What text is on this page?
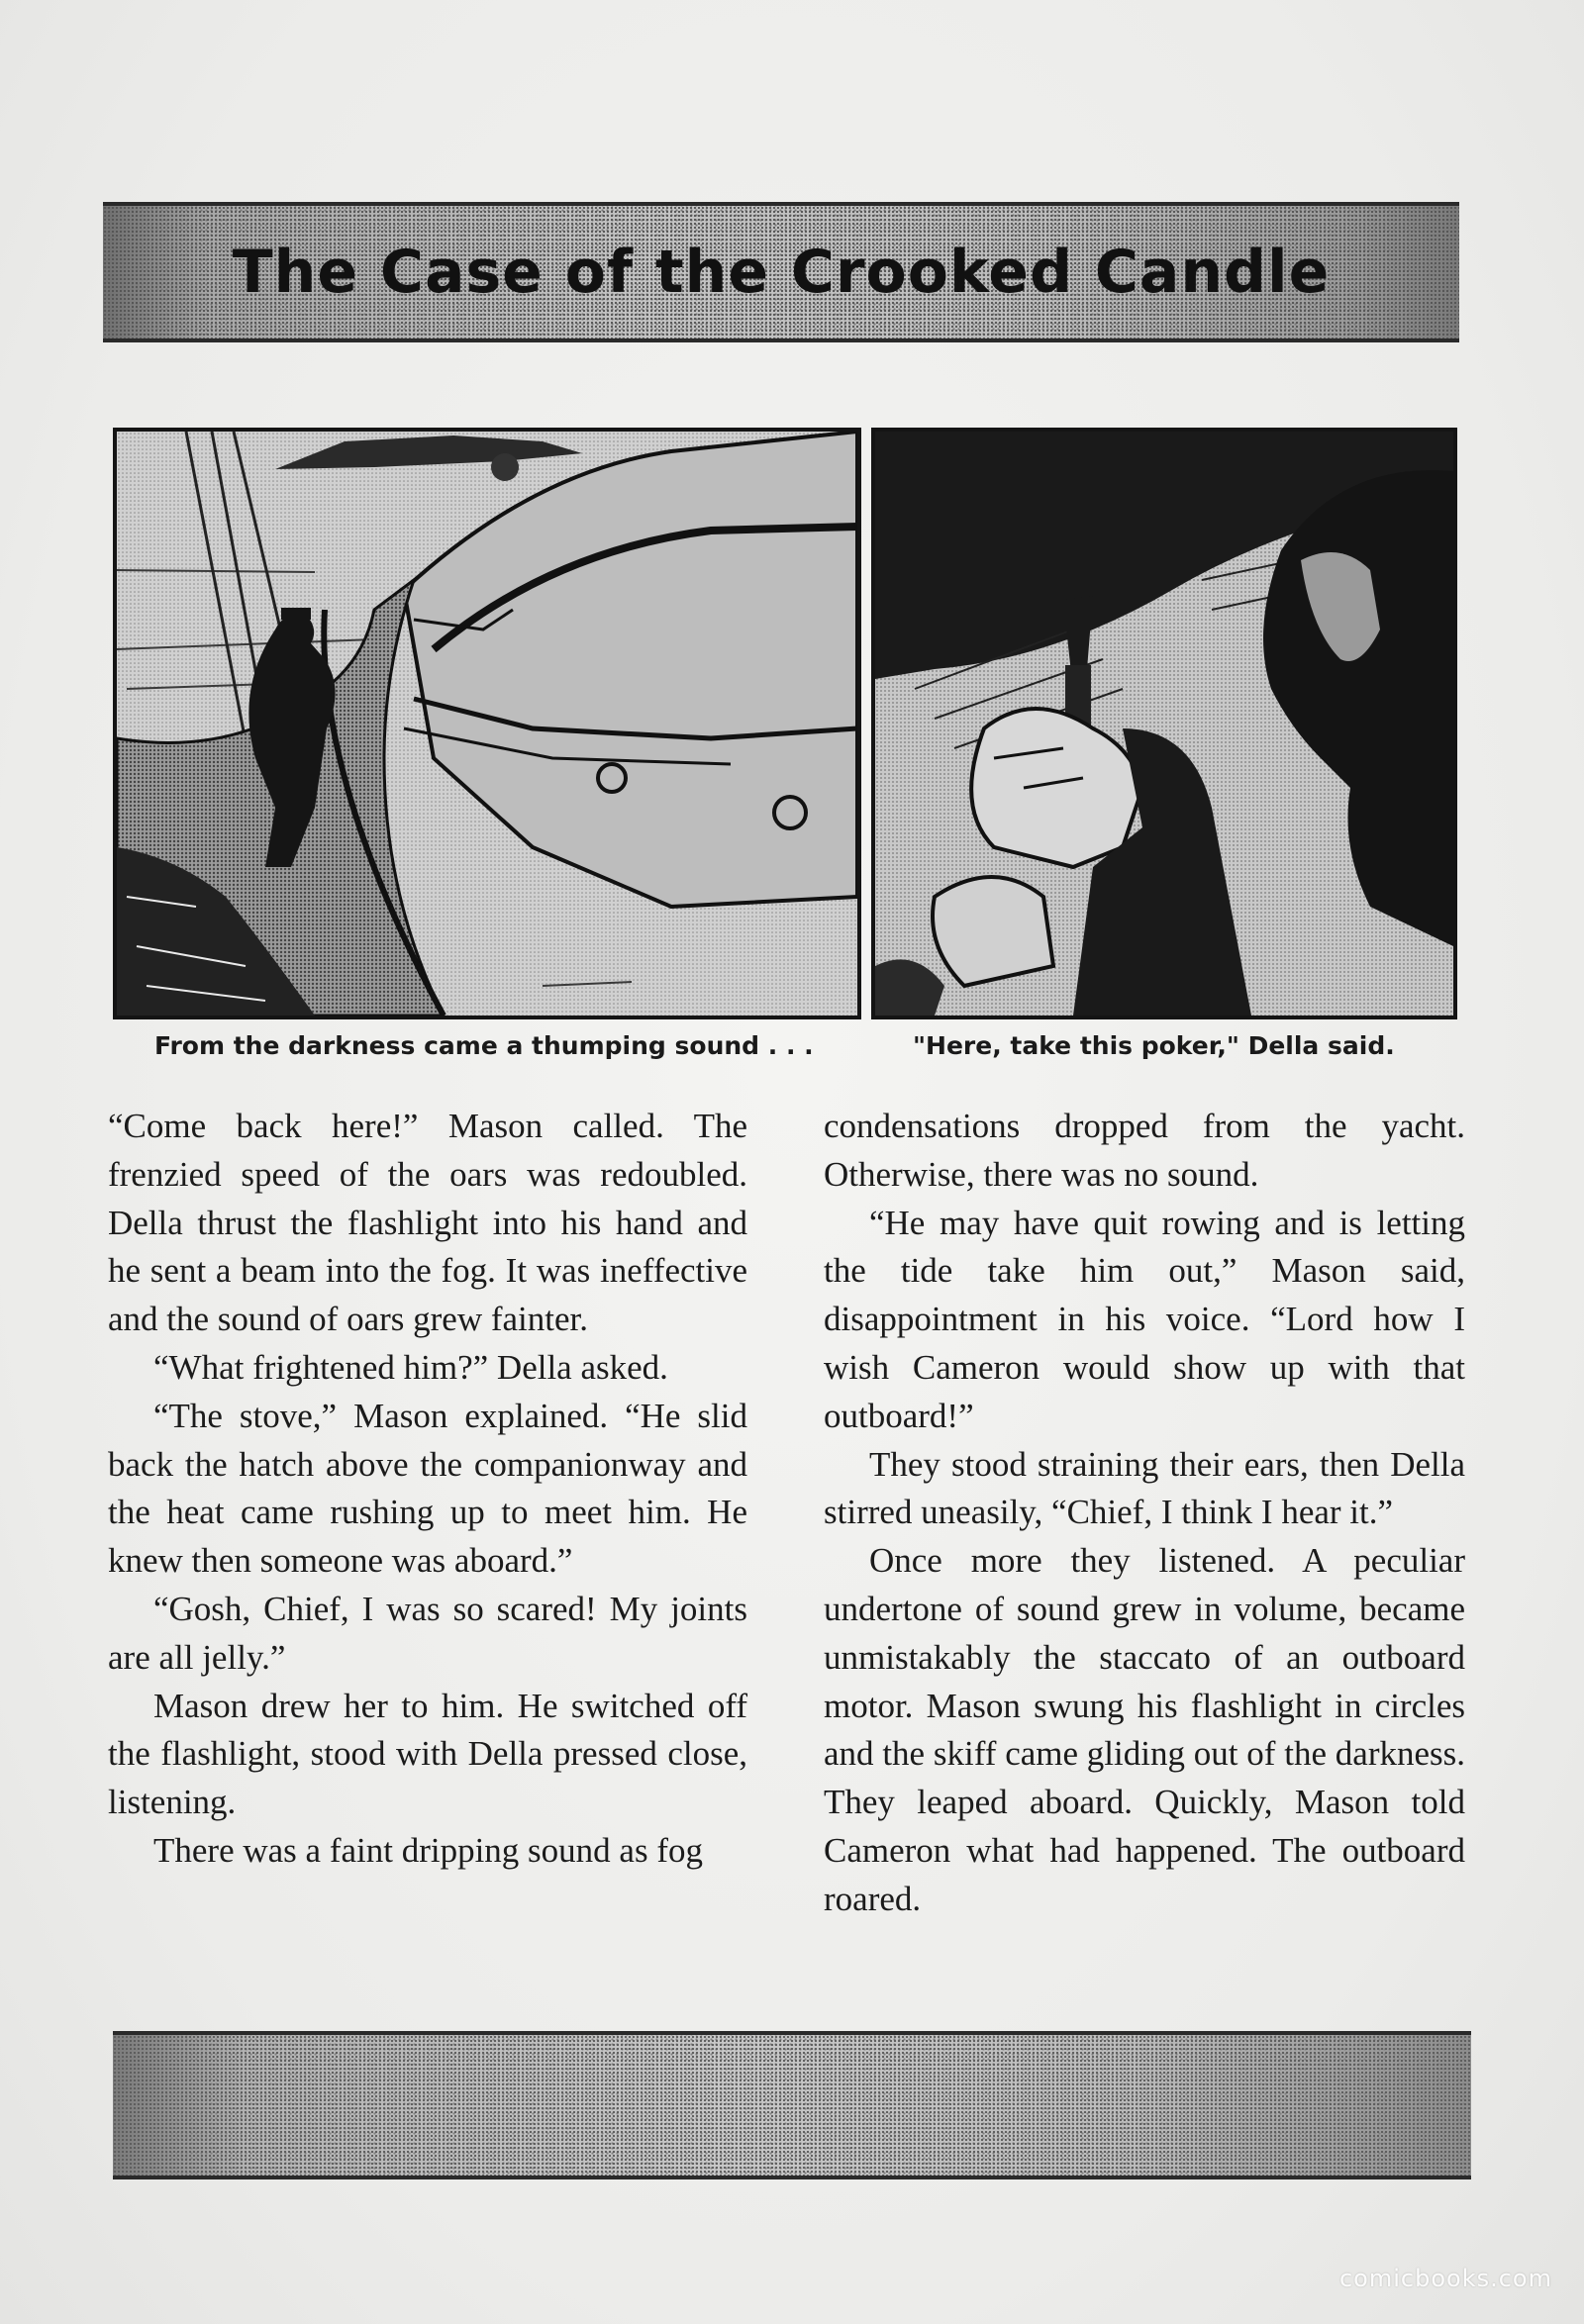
The Case of the Crooked Candle
From the darkness came a thumping sound . . .	"Here, take this poker," Della said.

“Come back here!” Mason called. The frenzied speed of the oars was redoubled. Della thrust the flashlight into his hand and he sent a beam into the fog. It was ineffective and the sound of oars grew fainter.

“What frightened him?” Della asked.

“The stove,” Mason explained. “He slid back the hatch above the companionway and the heat came rushing up to meet him. He knew then someone was aboard.”

“Gosh, Chief, I was so scared! My joints are all jelly.”

Mason drew her to him. He switched off the flashlight, stood with Della pressed close, listening.

There was a faint dripping sound as fog

condensations dropped from the yacht. Otherwise, there was no sound.

“He may have quit rowing and is letting the tide take him out,” Mason said, disappointment in his voice. “Lord how I wish Cameron would show up with that outboard!”

They stood straining their ears, then Della stirred uneasily, “Chief, I think I hear it.”

Once more they listened. A peculiar undertone of sound grew in volume, became unmistakably the staccato of an outboard motor. Mason swung his flashlight in circles and the skiff came gliding out of the darkness. They leaped aboard. Quickly, Mason told Cameron what had happened. The outboard roared.

comicbooks.com
